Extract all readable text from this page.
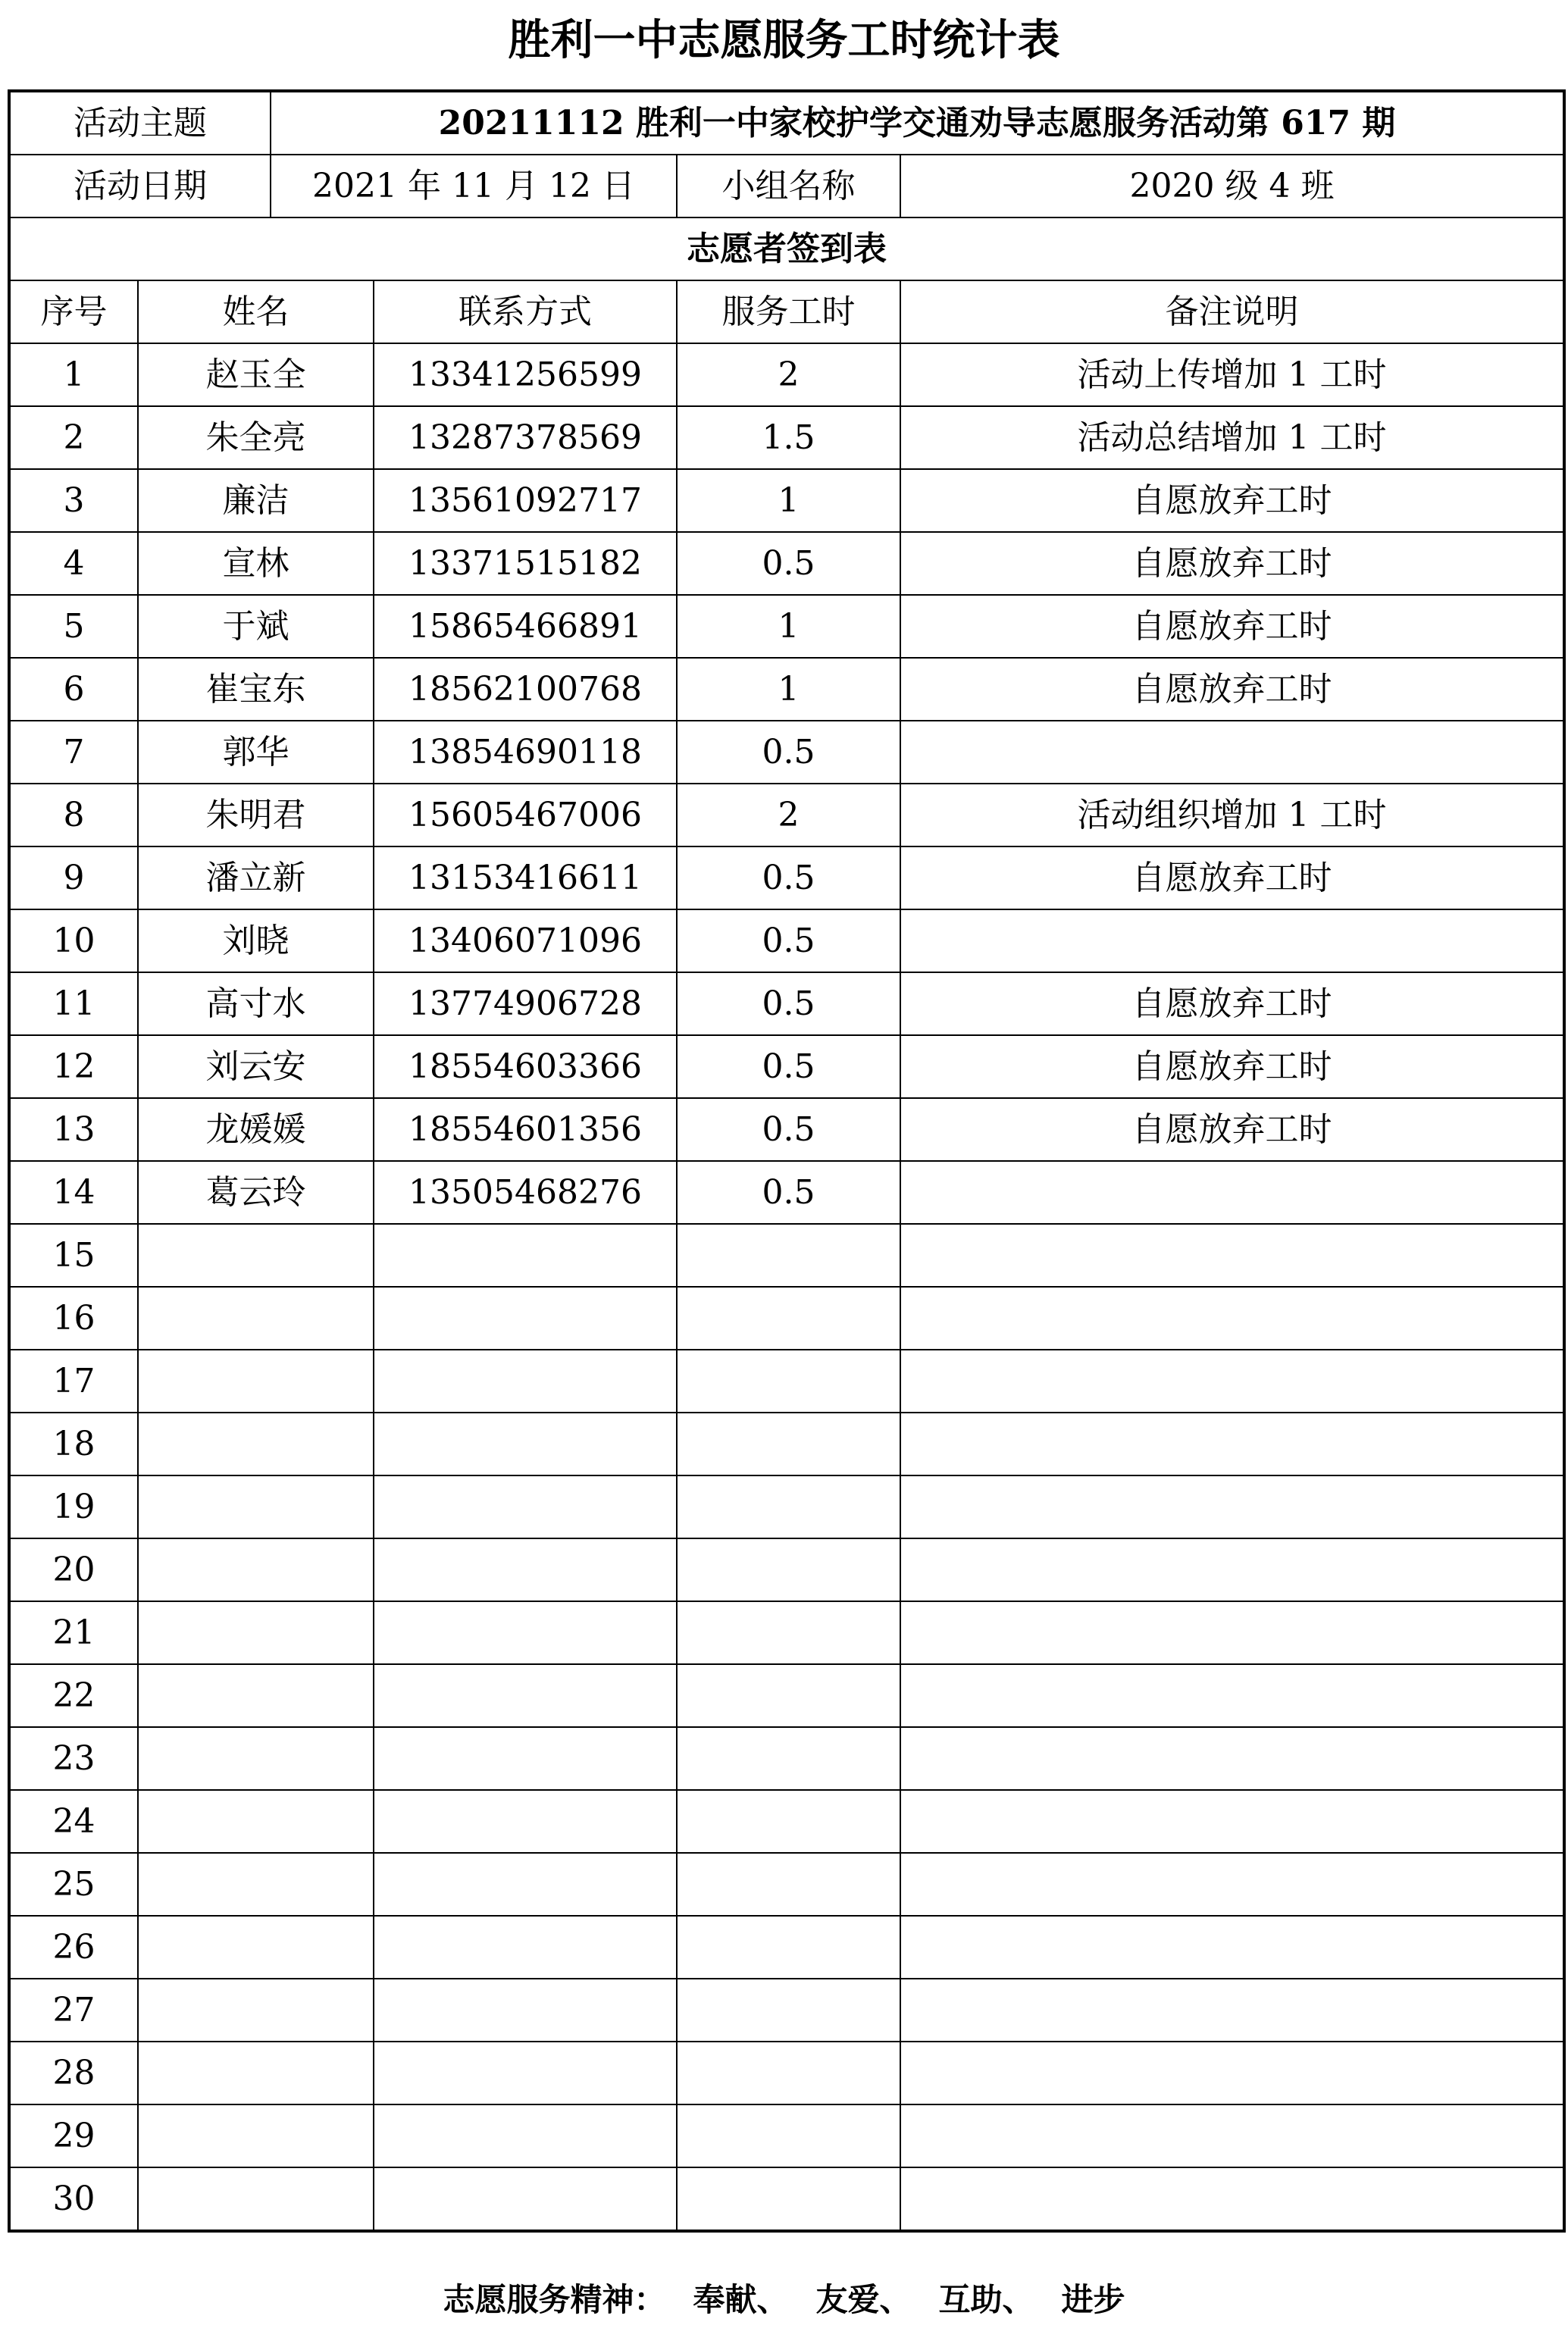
胜利一中志愿服务工时统计表
活动主题		20211112 胜利一中家校护学交通劝导志愿服务活动第 617 期			
活动日期		2021 年 11 月 12 日		小组名称	2020 级 4 班
志愿者签到表					
序号	姓名		联系方式	服务工时	备注说明
1	赵玉全		13341256599	2	活动上传增加 1 工时
2	朱全亮		13287378569	1.5	活动总结增加 1 工时
3	廉洁		13561092717	1	自愿放弃工时
4	宣林		13371515182	0.5	自愿放弃工时
5	于斌		15865466891	1	自愿放弃工时
6	崔宝东		18562100768	1	自愿放弃工时
7	郭华		13854690118	0.5	
8	朱明君		15605467006	2	活动组织增加 1 工时
9	潘立新		13153416611	0.5	自愿放弃工时
10	刘晓		13406071096	0.5	
11	高寸水		13774906728	0.5	自愿放弃工时
12	刘云安		18554603366	0.5	自愿放弃工时
13	龙媛媛		18554601356	0.5	自愿放弃工时
14	葛云玲		13505468276	0.5	
15					
16					
17					
18					
19					
20					
21					
22					
23					
24					
25					
26					
27					
28					
29					
30					
志愿服务精神： 奉献、 友爱、 互助、 进步
